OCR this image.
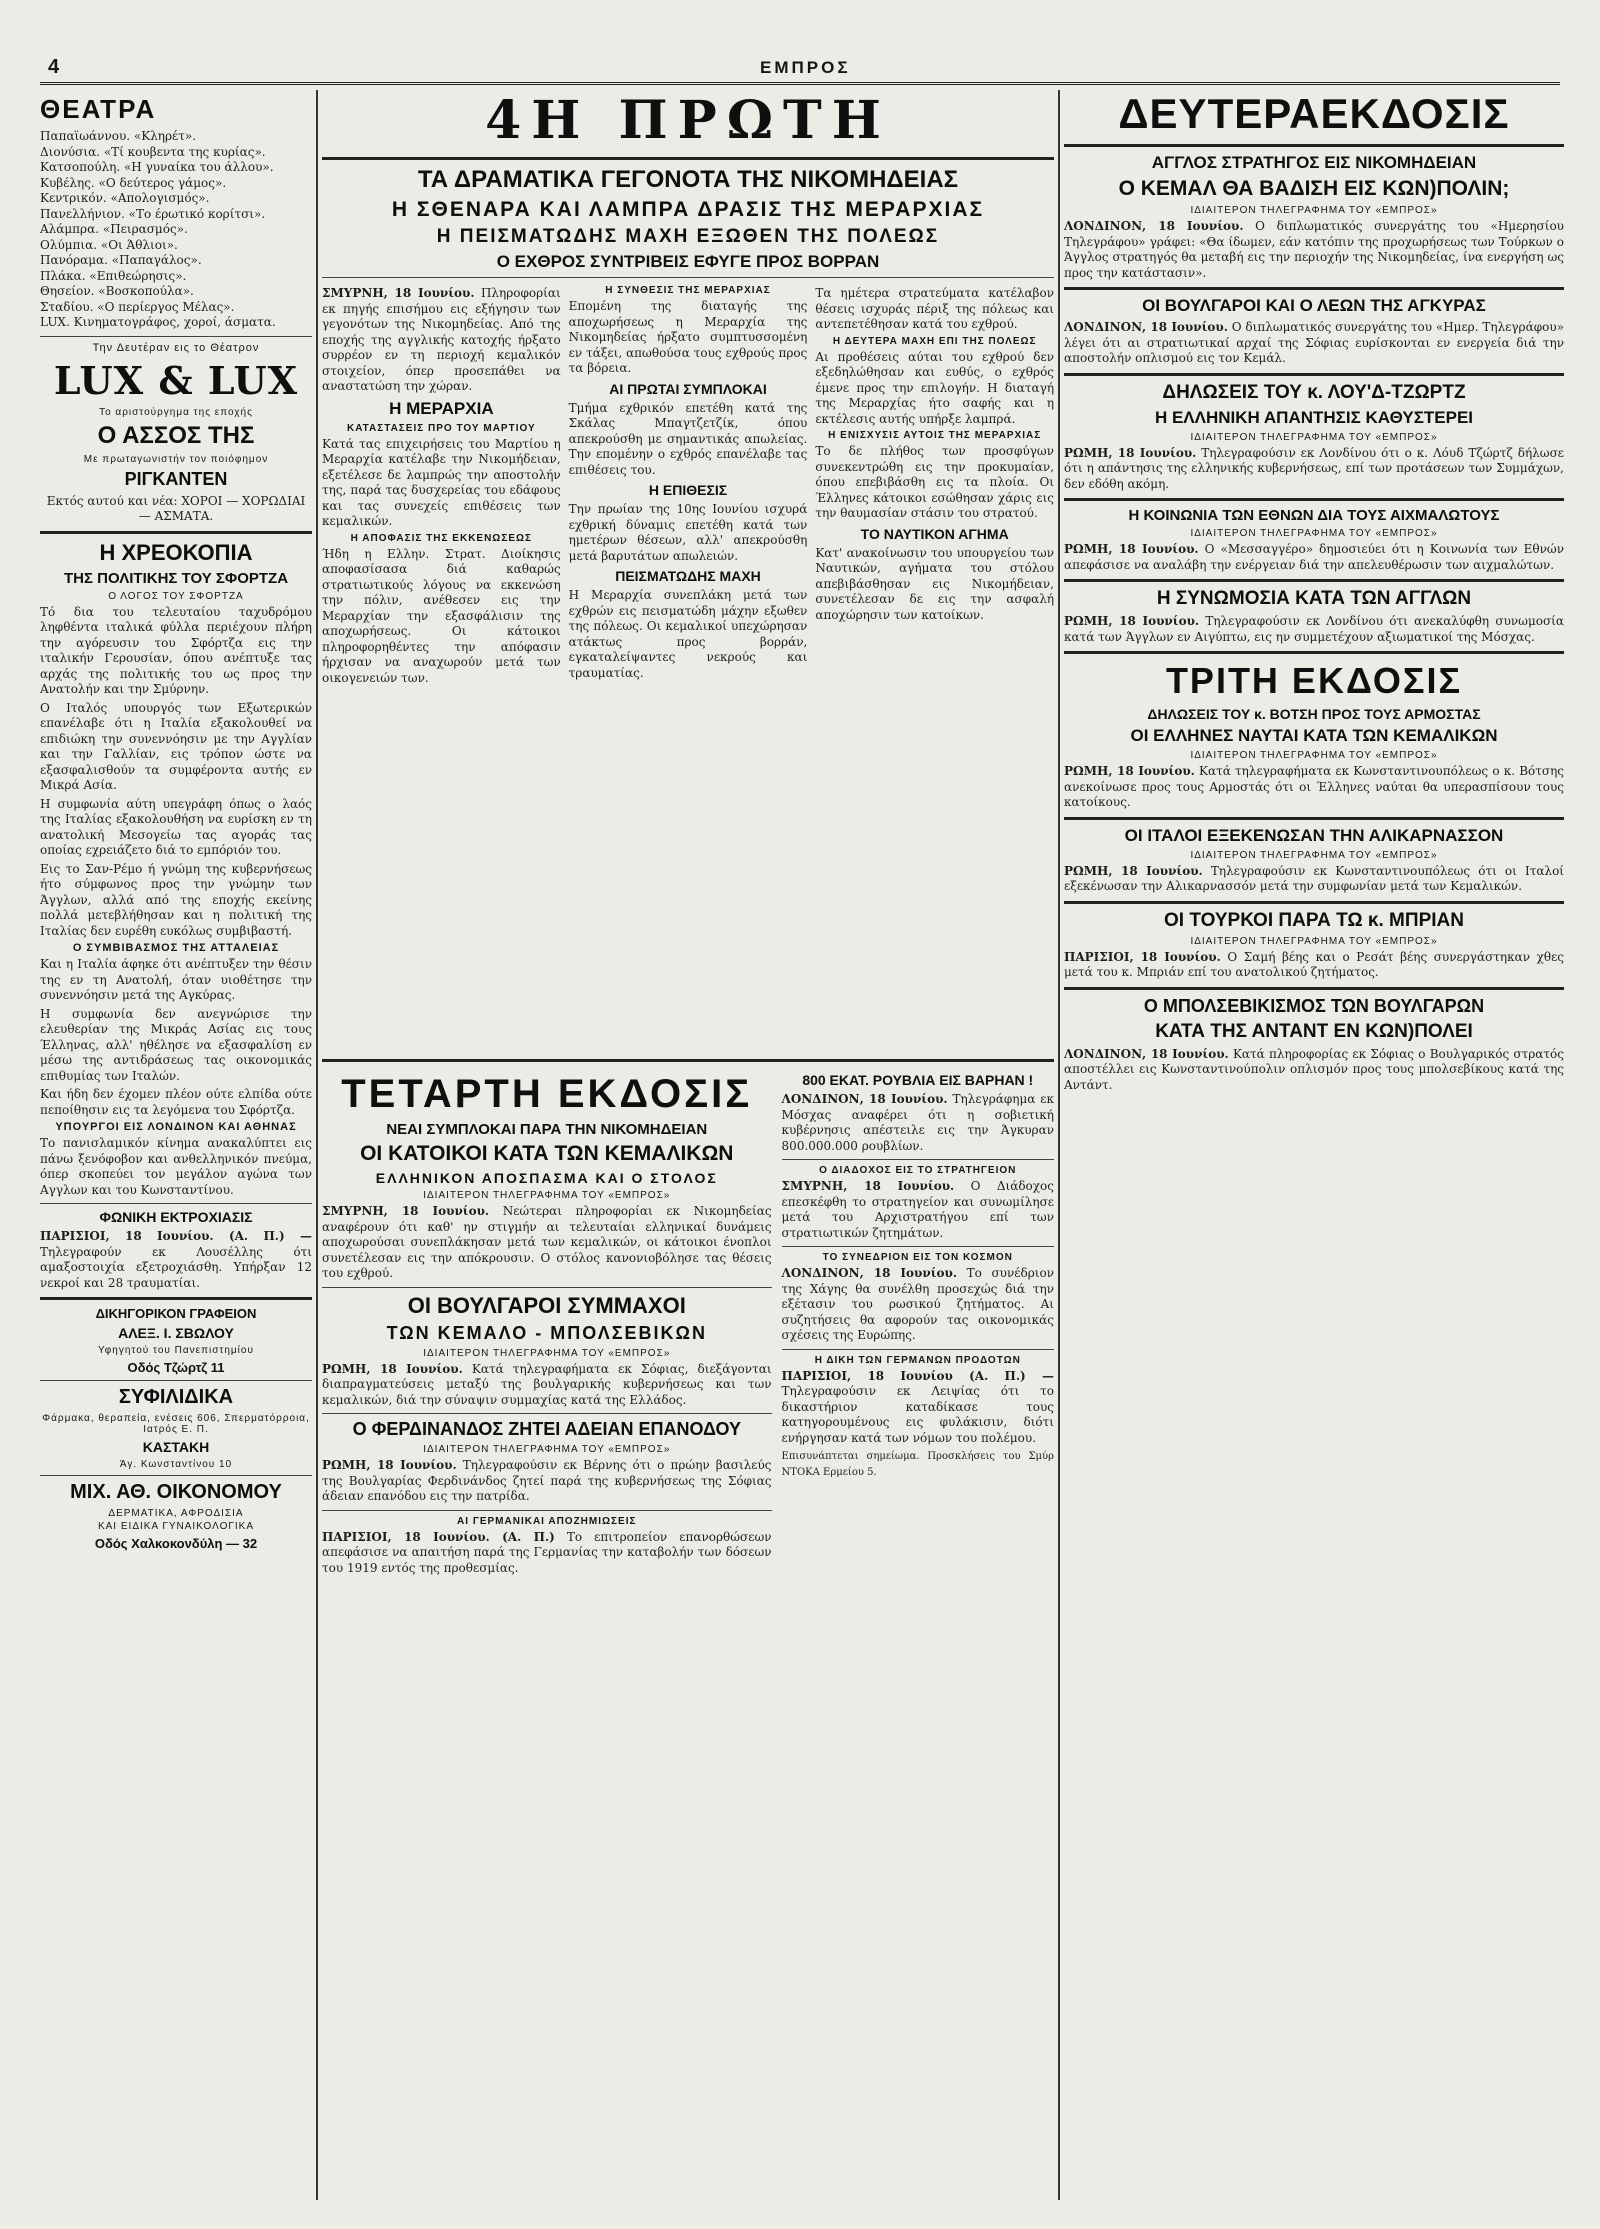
4	ΕΜΠΡΟΣ
ΘΕΑΤΡΑ
Παπαϊωάννου. «Κληρέτ».
Διονύσια. «Τί κουβεντα της κυρίας».
Κατσοπούλη. «Η γυναίκα του άλλου».
Κυβέλης. «Ο δεύτερος γάμος».
Κεντρικόν. «Απολογισμός».
Πανελλήνιον. «Το έρωτικό κορίτσι».
Αλάμπρα. «Πειρασμός».
Ολύμπια. «Οι Άθλιοι».
Πανόραμα. «Παπαγάλος».
Πλάκα. «Επιθεώρησις».
Θησείον. «Βοσκοπούλα».
Σταδίου. «Ο περίεργος Μέλας».
LUX. Κινηματογράφος, χοροί, άσματα.
Την Δευτέραν εις το Θέατρον
LUX & LUX
Το αριστούργημα της εποχής
Ο ΑΣΣΟΣ ΤΗΣ
Με πρωταγωνιστήν τον ποιόφημον
ΡΙΓΚΑΝΤΕΝ
Εκτός αυτού και νέα: ΧΟΡΟΙ — ΧΟΡΩΔΙΑΙ — ΑΣΜΑΤΑ.
Η ΧΡΕΟΚΟΠΙΑ
ΤΗΣ ΠΟΛΙΤΙΚΗΣ ΤΟΥ ΣΦΟΡΤΖΑ
Ο ΛΟΓΟΣ ΤΟΥ ΣΦΟΡΤΖΑ
Τό δια του τελευταίου ταχυδρόμου ληφθέντα ιταλικά φύλλα περιέχουν πλήρη την αγόρευσιν του Σφόρτζα εις την ιταλικήν Γερουσίαν, όπου ανέπτυξε τας αρχάς της πολιτικής του ως προς την Ανατολήν και την Σμύρνην.
Ο Ιταλός υπουργός των Εξωτερικών επανέλαβε ότι η Ιταλία εξακολουθεί να επιδιώκη την συνεννόησιν με την Αγγλίαν και την Γαλλίαν, εις τρόπον ώστε να εξασφαλισθούν τα συμφέροντα αυτής εν Μικρά Ασία.
Η συμφωνία αύτη υπεγράφη όπως ο λαός της Ιταλίας εξακολουθήση να ευρίσκη εν τη ανατολική Μεσογείω τας αγοράς τας οποίας εχρειάζετο διά το εμπόριόν του.
Εις το Σαν-Ρέμο ή γνώμη της κυβερνήσεως ήτο σύμφωνος προς την γνώμην των Άγγλων, αλλά από της εποχής εκείνης πολλά μετεβλήθησαν και η πολιτική της Ιταλίας δεν ευρέθη ευκόλως συμβιβαστή.
Ο ΣΥΜΒΙΒΑΣΜΟΣ ΤΗΣ ΑΤΤΑΛΕΙΑΣ
Και η Ιταλία άφηκε ότι ανέπτυξεν την θέσιν της εν τη Ανατολή, όταν υιοθέτησε την συνεννόησιν μετά της Αγκύρας.
Η συμφωνία δεν ανεγνώρισε την ελευθερίαν της Μικράς Ασίας εις τους Έλληνας, αλλ' ηθέλησε να εξασφαλίση εν μέσω της αντιδράσεως τας οικονομικάς επιθυμίας των Ιταλών.
Και ήδη δεν έχομεν πλέον ούτε ελπίδα ούτε πεποίθησιν εις τα λεγόμενα του Σφόρτζα.
ΥΠΟΥΡΓΟΙ ΕΙΣ ΛΟΝΔΙΝΟΝ ΚΑΙ ΑΘΗΝΑΣ
Το πανισλαμικόν κίνημα ανακαλύπτει εις πάνω ξενόφοβον και ανθελληνικόν πνεύμα, όπερ σκοπεύει τον μεγάλον αγώνα των Αγγλων και του Κωνσταντίνου.
ΦΩΝΙΚΗ ΕΚΤΡΟΧΙΑΣΙΣ
ΠΑΡΙΣΙΟΙ, 18 Ιουνίου. (Α. Π.) — Τηλεγραφούν εκ Λουσέλλης ότι αμαξοστοιχία εξετροχιάσθη. Υπήρξαν 12 νεκροί και 28 τραυματίαι.
ΔΙΚΗΓΟΡΙΚΟΝ ΓΡΑΦΕΙΟΝ
ΑΛΕΞ. Ι. ΣΒΩΛΟΥ
Υφηγητού του Πανεπιστημίου
Οδός Τζώρτζ 11
ΣΥΦΙΛΙΔΙΚΑ
Φάρμακα, θεραπεία, ενέσεις 606, Σπερματόρροια, Ιατρός Ε. Π.
ΚΑΣΤΑΚΗ
Άγ. Κωνσταντίνου 10
ΜΙΧ. ΑΘ. ΟΙΚΟΝΟΜΟΥ
ΔΕΡΜΑΤΙΚΑ, ΑΦΡΟΔΙΣΙΑ
ΚΑΙ ΕΙΔΙΚΑ ΓΥΝΑΙΚΟΛΟΓΙΚΑ
Οδός Χαλκοκονδύλη — 32
4Η ΠΡΩΤΗ
ΤΑ ΔΡΑΜΑΤΙΚΑ ΓΕΓΟΝΟΤΑ ΤΗΣ ΝΙΚΟΜΗΔΕΙΑΣ
Η ΣΘΕΝΑΡΑ ΚΑΙ ΛΑΜΠΡΑ ΔΡΑΣΙΣ ΤΗΣ ΜΕΡΑΡΧΙΑΣ
Η ΠΕΙΣΜΑΤΩΔΗΣ ΜΑΧΗ ΕΞΩΘΕΝ ΤΗΣ ΠΟΛΕΩΣ
Ο ΕΧΘΡΟΣ ΣΥΝΤΡΙΒΕΙΣ ΕΦΥΓΕ ΠΡΟΣ ΒΟΡΡΑΝ
ΣΜΥΡΝΗ, 18 Ιουνίου. Πληροφορίαι εκ πηγής επισήμου εις εξήγησιν των γεγονότων της Νικομηδείας. Από της εποχής της αγγλικής κατοχής ήρξατο συρρέον εν τη περιοχή κεμαλικόν στοιχείον, όπερ προσεπάθει να αναστατώση την χώραν.
Η ΜΕΡΑΡΧΙΑ
ΚΑΤΑΣΤΑΣΕΙΣ ΠΡΟ ΤΟΥ ΜΑΡΤΙΟΥ
Κατά τας επιχειρήσεις του Μαρτίου η Μεραρχία κατέλαβε την Νικομήδειαν, εξετέλεσε δε λαμπρώς την αποστολήν της, παρά τας δυσχερείας του εδάφους και τας συνεχείς επιθέσεις των κεμαλικών.
Η ΑΠΟΦΑΣΙΣ ΤΗΣ ΕΚΚΕΝΩΣΕΩΣ
Ήδη η Ελλην. Στρατ. Διοίκησις αποφασίσασα διά καθαρώς στρατιωτικούς λόγους να εκκενώση την πόλιν, ανέθεσεν εις την Μεραρχίαν την εξασφάλισιν της αποχωρήσεως. Οι κάτοικοι πληροφορηθέντες την απόφασιν ήρχισαν να αναχωρούν μετά των οικογενειών των.
Η ΣΥΝΘΕΣΙΣ ΤΗΣ ΜΕΡΑΡΧΙΑΣ
Επομένη της διαταγής της αποχωρήσεως η Μεραρχία της Νικομηδείας ήρξατο συμπτυσσομένη εν τάξει, απωθούσα τους εχθρούς προς τα βόρεια.
ΑΙ ΠΡΩΤΑΙ ΣΥΜΠΛΟΚΑΙ
Τμήμα εχθρικόν επετέθη κατά της Σκάλας Μπαγτζετζίκ, όπου απεκρούσθη με σημαντικάς απωλείας. Την επομένην ο εχθρός επανέλαβε τας επιθέσεις του.
Η ΕΠΙΘΕΣΙΣ
Την πρωίαν της 10ης Ιουνίου ισχυρά εχθρική δύναμις επετέθη κατά των ημετέρων θέσεων, αλλ' απεκρούσθη μετά βαρυτάτων απωλειών.
ΠΕΙΣΜΑΤΩΔΗΣ ΜΑΧΗ
Η Μεραρχία συνεπλάκη μετά των εχθρών εις πεισματώδη μάχην εξωθεν της πόλεως. Οι κεμαλικοί υπεχώρησαν ατάκτως προς βορράν, εγκαταλείψαντες νεκρούς και τραυματίας.
Τα ημέτερα στρατεύματα κατέλαβον θέσεις ισχυράς πέριξ της πόλεως και αντεπετέθησαν κατά του εχθρού.
Η ΔΕΥΤΕΡΑ ΜΑΧΗ ΕΠΙ ΤΗΣ ΠΟΛΕΩΣ
Αι προθέσεις αύται του εχθρού δεν εξεδηλώθησαν και ευθύς, ο εχθρός έμενε προς την επιλογήν. Η διαταγή της Μεραρχίας ήτο σαφής και η εκτέλεσις αυτής υπήρξε λαμπρά.
Η ΕΝΙΣΧΥΣΙΣ ΑΥΤΟΙΣ ΤΗΣ ΜΕΡΑΡΧΙΑΣ
Το δε πλήθος των προσφύγων συνεκεντρώθη εις την προκυμαίαν, όπου επεβιβάσθη εις τα πλοία. Οι Έλληνες κάτοικοι εσώθησαν χάρις εις την θαυμασίαν στάσιν του στρατού.
ΤΟ ΝΑΥΤΙΚΟΝ ΑΓΗΜΑ
Κατ' ανακοίνωσιν του υπουργείου των Ναυτικών, αγήματα του στόλου απεβιβάσθησαν εις Νικομήδειαν, συνετέλεσαν δε εις την ασφαλή αποχώρησιν των κατοίκων.
ΤΕΤΑΡΤΗ ΕΚΔΟΣΙΣ
ΝΕΑΙ ΣΥΜΠΛΟΚΑΙ ΠΑΡΑ ΤΗΝ ΝΙΚΟΜΗΔΕΙΑΝ
ΟΙ ΚΑΤΟΙΚΟΙ ΚΑΤΑ ΤΩΝ ΚΕΜΑΛΙΚΩΝ
ΕΛΛΗΝΙΚΟΝ ΑΠΟΣΠΑΣΜΑ ΚΑΙ Ο ΣΤΟΛΟΣ
ΙΔΙΑΙΤΕΡΟΝ ΤΗΛΕΓΡΑΦΗΜΑ ΤΟΥ «ΕΜΠΡΟΣ»
ΣΜΥΡΝΗ, 18 Ιουνίου. Νεώτεραι πληροφορίαι εκ Νικομηδείας αναφέρουν ότι καθ' ην στιγμήν αι τελευταίαι ελληνικαί δυνάμεις αποχωρούσαι συνεπλάκησαν μετά των κεμαλικών, οι κάτοικοι ένοπλοι συνετέλεσαν εις την απόκρουσιν. Ο στόλος κανονιοβόλησε τας θέσεις του εχθρού.
ΟΙ ΒΟΥΛΓΑΡΟΙ ΣΥΜΜΑΧΟΙ
ΤΩΝ ΚΕΜΑΛΟ - ΜΠΟΛΣΕΒΙΚΩΝ
ΙΔΙΑΙΤΕΡΟΝ ΤΗΛΕΓΡΑΦΗΜΑ ΤΟΥ «ΕΜΠΡΟΣ»
ΡΩΜΗ, 18 Ιουνίου. Κατά τηλεγραφήματα εκ Σόφιας, διεξάγονται διαπραγματεύσεις μεταξύ της βουλγαρικής κυβερνήσεως και των κεμαλικών, διά την σύναψιν συμμαχίας κατά της Ελλάδος.
Ο ΦΕΡΔΙΝΑΝΔΟΣ ΖΗΤΕΙ ΑΔΕΙΑΝ ΕΠΑΝΟΔΟΥ
ΙΔΙΑΙΤΕΡΟΝ ΤΗΛΕΓΡΑΦΗΜΑ ΤΟΥ «ΕΜΠΡΟΣ»
ΡΩΜΗ, 18 Ιουνίου. Τηλεγραφούσιν εκ Βέρνης ότι ο πρώην βασιλεύς της Βουλγαρίας Φερδινάνδος ζητεί παρά της κυβερνήσεως της Σόφιας άδειαν επανόδου εις την πατρίδα.
ΑΙ ΓΕΡΜΑΝΙΚΑΙ ΑΠΟΖΗΜΙΩΣΕΙΣ
ΠΑΡΙΣΙΟΙ, 18 Ιουνίου. (Α. Π.) Το επιτροπείον επανορθώσεων απεφάσισε να απαιτήση παρά της Γερμανίας την καταβολήν των δόσεων του 1919 εντός της προθεσμίας.
800 ΕΚΑΤ. ΡΟΥΒΛΙΑ ΕΙΣ ΒΑΡΗΑΝ !
ΛΟΝΔΙΝΟΝ, 18 Ιουνίου. Τηλεγράφημα εκ Μόσχας αναφέρει ότι η σοβιετική κυβέρνησις απέστειλε εις την Άγκυραν 800.000.000 ρουβλίων.
Ο ΔΙΑΔΟΧΟΣ ΕΙΣ ΤΟ ΣΤΡΑΤΗΓΕΙΟΝ
ΣΜΥΡΝΗ, 18 Ιουνίου. Ο Διάδοχος επεσκέφθη το στρατηγείον και συνωμίλησε μετά του Αρχιστρατήγου επί των στρατιωτικών ζητημάτων.
ΤΟ ΣΥΝΕΔΡΙΟΝ ΕΙΣ ΤΟΝ ΚΟΣΜΟΝ
ΛΟΝΔΙΝΟΝ, 18 Ιουνίου. Το συνέδριον της Χάγης θα συνέλθη προσεχώς διά την εξέτασιν του ρωσικού ζητήματος. Αι συζητήσεις θα αφορούν τας οικονομικάς σχέσεις της Ευρώπης.
Η ΔΙΚΗ ΤΩΝ ΓΕΡΜΑΝΩΝ ΠΡΟΔΟΤΩΝ
ΠΑΡΙΣΙΟΙ, 18 Ιουνίου (Α. Π.) — Τηλεγραφούσιν εκ Λειψίας ότι το δικαστήριον καταδίκασε τους κατηγορουμένους εις φυλάκισιν, διότι ενήργησαν κατά των νόμων του πολέμου.
Επισυνάπτεται σημείωμα. Προσκλήσεις του Σμύρ ΝΤΟΚΑ Ερμείου 5.
ΔΕΥΤΕΡΑΕΚΔΟΣΙΣ
ΑΓΓΛΟΣ ΣΤΡΑΤΗΓΟΣ ΕΙΣ ΝΙΚΟΜΗΔΕΙΑΝ
Ο ΚΕΜΑΛ ΘΑ ΒΑΔΙΣΗ ΕΙΣ ΚΩΝ)ΠΟΛΙΝ;
ΙΔΙΑΙΤΕΡΟΝ ΤΗΛΕΓΡΑΦΗΜΑ ΤΟΥ «ΕΜΠΡΟΣ»
ΛΟΝΔΙΝΟΝ, 18 Ιουνίου. Ο διπλωματικός συνεργάτης του «Ημερησίου Τηλεγράφου» γράφει: «Θα ίδωμεν, εάν κατόπιν της προχωρήσεως των Τούρκων ο Άγγλος στρατηγός θα μεταβή εις την περιοχήν της Νικομηδείας, ίνα ενεργήση ως προς την κατάστασιν».
ΟΙ ΒΟΥΛΓΑΡΟΙ ΚΑΙ Ο ΛΕΩΝ ΤΗΣ ΑΓΚΥΡΑΣ
ΛΟΝΔΙΝΟΝ, 18 Ιουνίου. Ο διπλωματικός συνεργάτης του «Ημερ. Τηλεγράφου» λέγει ότι αι στρατιωτικαί αρχαί της Σόφιας ευρίσκονται εν ενεργεία διά την αποστολήν οπλισμού εις τον Κεμάλ.
ΔΗΛΩΣΕΙΣ ΤΟΥ κ. ΛΟΥ'Δ-ΤΖΩΡΤΖ
Η ΕΛΛΗΝΙΚΗ ΑΠΑΝΤΗΣΙΣ ΚΑΘΥΣΤΕΡΕΙ
ΙΔΙΑΙΤΕΡΟΝ ΤΗΛΕΓΡΑΦΗΜΑ ΤΟΥ «ΕΜΠΡΟΣ»
ΡΩΜΗ, 18 Ιουνίου. Τηλεγραφούσιν εκ Λονδίνου ότι ο κ. Λόυδ Τζώρτζ δήλωσε ότι η απάντησις της ελληνικής κυβερνήσεως, επί των προτάσεων των Συμμάχων, δεν εδόθη ακόμη.
Η ΚΟΙΝΩΝΙΑ ΤΩΝ ΕΘΝΩΝ ΔΙΑ ΤΟΥΣ ΑΙΧΜΑΛΩΤΟΥΣ
ΙΔΙΑΙΤΕΡΟΝ ΤΗΛΕΓΡΑΦΗΜΑ ΤΟΥ «ΕΜΠΡΟΣ»
ΡΩΜΗ, 18 Ιουνίου. Ο «Μεσσαγγέρο» δημοσιεύει ότι η Κοινωνία των Εθνών απεφάσισε να αναλάβη την ενέργειαν διά την απελευθέρωσιν των αιχμαλώτων.
Η ΣΥΝΩΜΟΣΙΑ ΚΑΤΑ ΤΩΝ ΑΓΓΛΩΝ
ΡΩΜΗ, 18 Ιουνίου. Τηλεγραφούσιν εκ Λονδίνου ότι ανεκαλύφθη συνωμοσία κατά των Άγγλων εν Αιγύπτω, εις ην συμμετέχουν αξιωματικοί της Μόσχας.
ΤΡΙΤΗ ΕΚΔΟΣΙΣ
ΔΗΛΩΣΕΙΣ ΤΟΥ κ. ΒΟΤΣΗ ΠΡΟΣ ΤΟΥΣ ΑΡΜΟΣΤΑΣ
ΟΙ ΕΛΛΗΝΕΣ ΝΑΥΤΑΙ ΚΑΤΑ ΤΩΝ ΚΕΜΑΛΙΚΩΝ
ΙΔΙΑΙΤΕΡΟΝ ΤΗΛΕΓΡΑΦΗΜΑ ΤΟΥ «ΕΜΠΡΟΣ»
ΡΩΜΗ, 18 Ιουνίου. Κατά τηλεγραφήματα εκ Κωνσταντινουπόλεως ο κ. Βότσης ανεκοίνωσε προς τους Αρμοστάς ότι οι Έλληνες ναύται θα υπερασπίσουν τους κατοίκους.
ΟΙ ΙΤΑΛΟΙ ΕΞΕΚΕΝΩΣΑΝ ΤΗΝ ΑΛΙΚΑΡΝΑΣΣΟΝ
ΙΔΙΑΙΤΕΡΟΝ ΤΗΛΕΓΡΑΦΗΜΑ ΤΟΥ «ΕΜΠΡΟΣ»
ΡΩΜΗ, 18 Ιουνίου. Τηλεγραφούσιν εκ Κωνσταντινουπόλεως ότι οι Ιταλοί εξεκένωσαν την Αλικαρνασσόν μετά την συμφωνίαν μετά των Κεμαλικών.
ΟΙ ΤΟΥΡΚΟΙ ΠΑΡΑ ΤΩ κ. ΜΠΡΙΑΝ
ΙΔΙΑΙΤΕΡΟΝ ΤΗΛΕΓΡΑΦΗΜΑ ΤΟΥ «ΕΜΠΡΟΣ»
ΠΑΡΙΣΙΟΙ, 18 Ιουνίου. Ο Σαμή βέης και ο Ρεσάτ βέης συνεργάστηκαν χθες μετά του κ. Μπριάν επί του ανατολικού ζητήματος.
Ο ΜΠΟΛΣΕΒΙΚΙΣΜΟΣ ΤΩΝ ΒΟΥΛΓΑΡΩΝ
ΚΑΤΑ ΤΗΣ ΑΝΤΑΝΤ ΕΝ ΚΩΝ)ΠΟΛΕΙ
ΛΟΝΔΙΝΟΝ, 18 Ιουνίου. Κατά πληροφορίας εκ Σόφιας ο Βουλγαρικός στρατός αποστέλλει εις Κωνσταντινούπολιν οπλισμόν προς τους μπολσεβίκους κατά της Αντάντ.
